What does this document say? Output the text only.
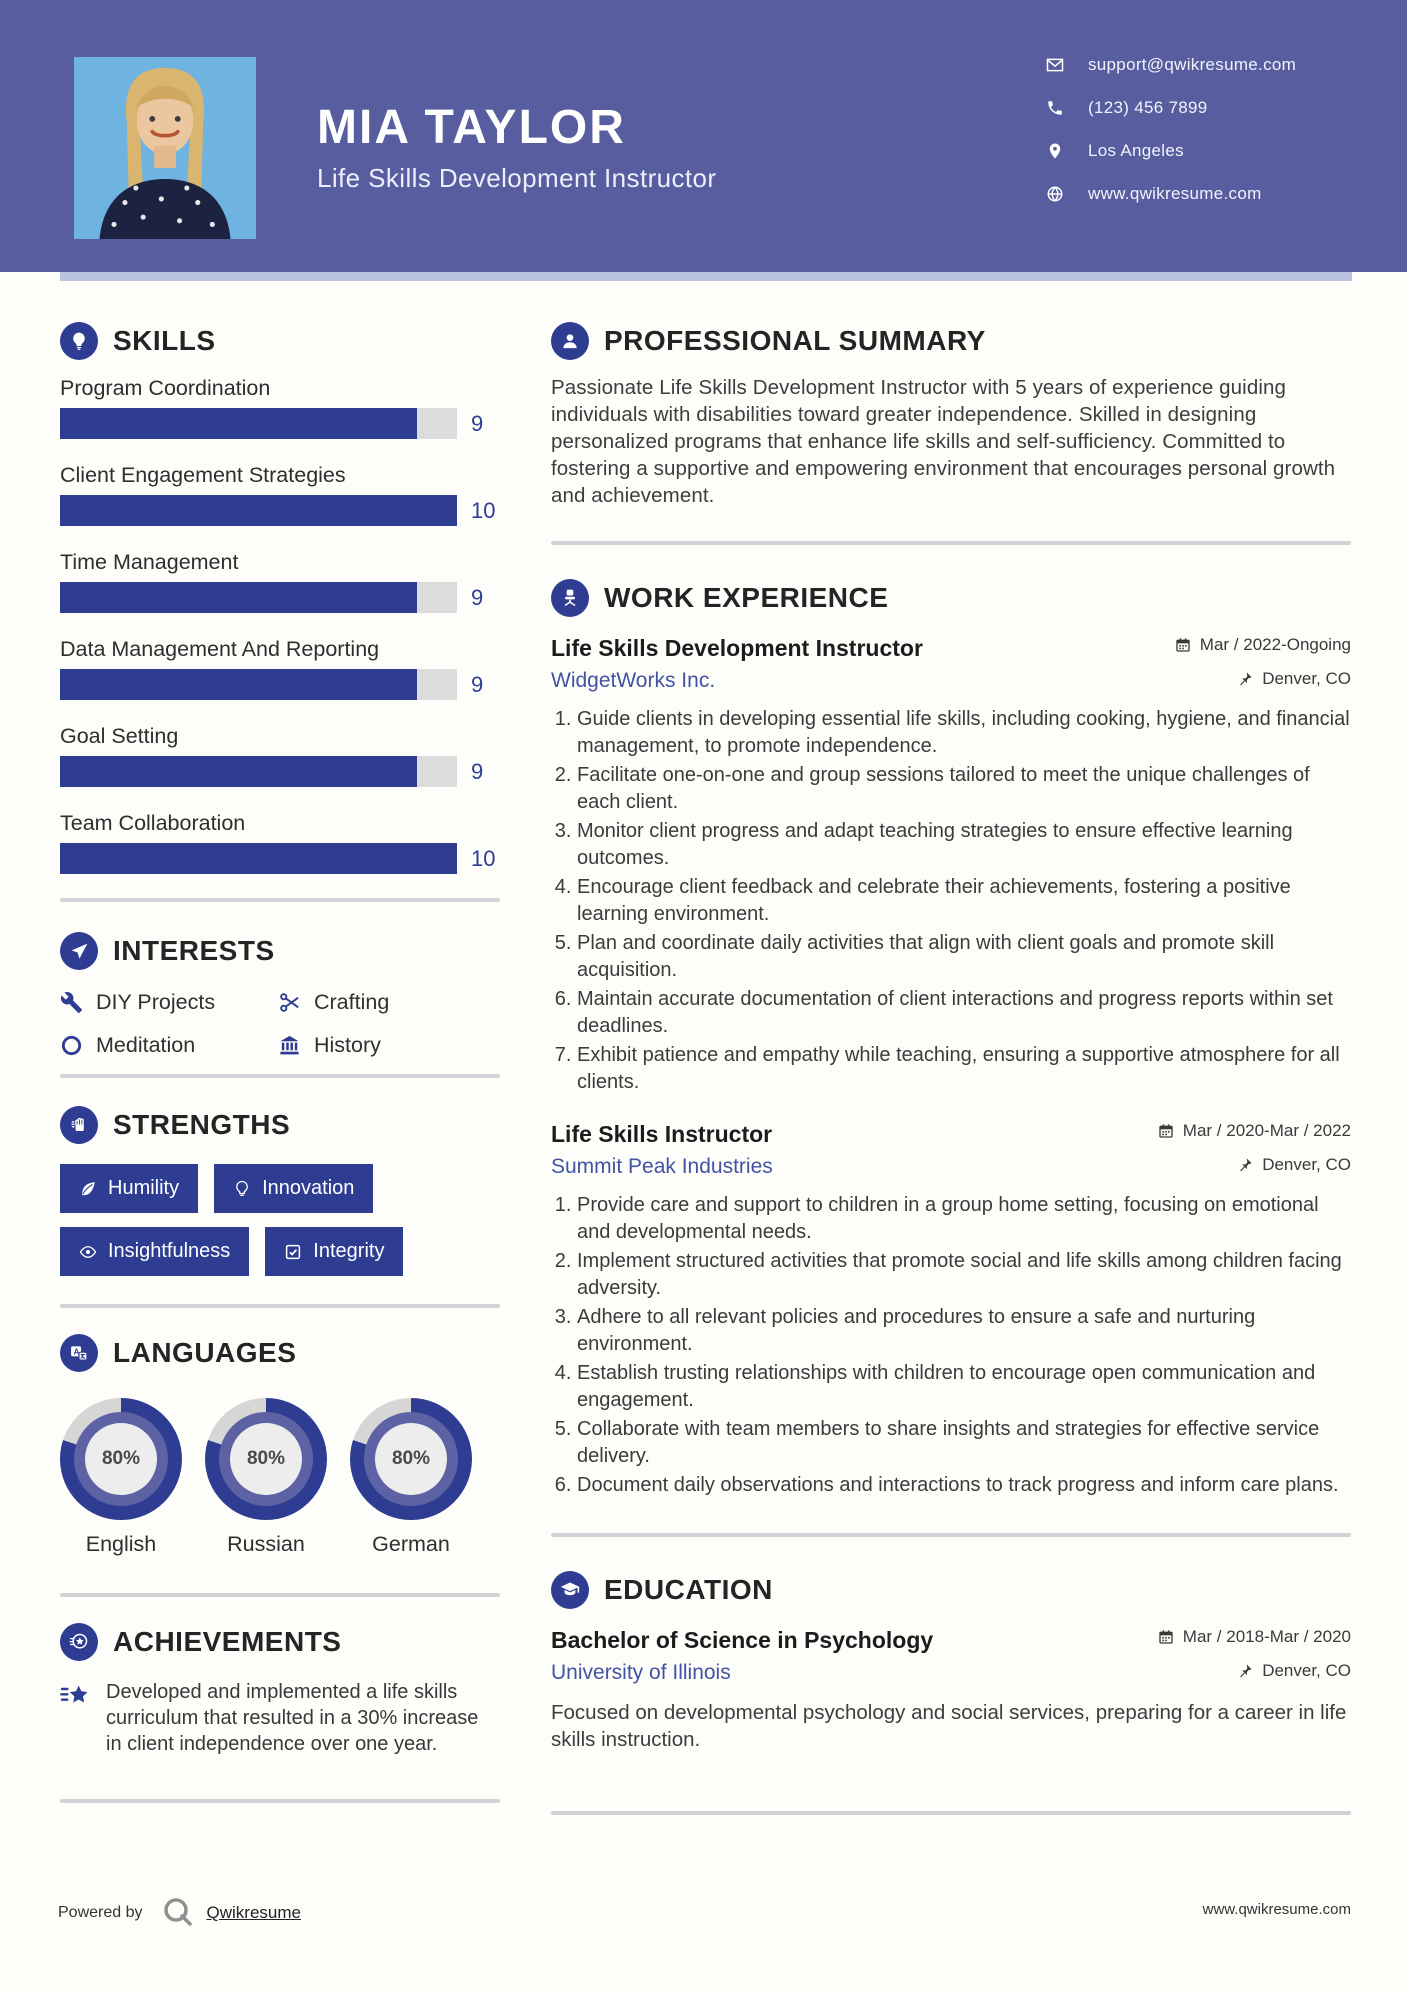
MIA TAYLOR
Life Skills Development Instructor
support@qwikresume.com
(123) 456 7899
Los Angeles
www.qwikresume.com
SKILLS
Program Coordination
9
Client Engagement Strategies
10
Time Management
9
Data Management And Reporting
9
Goal Setting
9
Team Collaboration
10
INTERESTS
DIY Projects	Crafting
Meditation	History
STRENGTHS
Humility	Innovation
Insightfulness	Integrity
A LANGUAGES
80%
English
80%
Russian
80%
German
ACHIEVEMENTS
Developed and implemented a life skills curriculum that resulted in a 30% increase in client independence over one year.
PROFESSIONAL SUMMARY
Passionate Life Skills Development Instructor with 5 years of experience guiding individuals with disabilities toward greater independence. Skilled in designing personalized programs that enhance life skills and self-sufficiency. Committed to fostering a supportive and empowering environment that encourages personal growth and achievement.
WORK EXPERIENCE
Life Skills Development Instructor	Mar / 2022-Ongoing
WidgetWorks Inc.	Denver, CO
1. Guide clients in developing essential life skills, including cooking, hygiene, and financial management, to promote independence.
2. Facilitate one-on-one and group sessions tailored to meet the unique challenges of each client.
3. Monitor client progress and adapt teaching strategies to ensure effective learning outcomes.
4. Encourage client feedback and celebrate their achievements, fostering a positive learning environment.
5. Plan and coordinate daily activities that align with client goals and promote skill acquisition.
6. Maintain accurate documentation of client interactions and progress reports within set deadlines.
7. Exhibit patience and empathy while teaching, ensuring a supportive atmosphere for all clients.
Life Skills Instructor	Mar / 2020-Mar / 2022
Summit Peak Industries	Denver, CO
1. Provide care and support to children in a group home setting, focusing on emotional and developmental needs.
2. Implement structured activities that promote social and life skills among children facing adversity.
3. Adhere to all relevant policies and procedures to ensure a safe and nurturing environment.
4. Establish trusting relationships with children to encourage open communication and engagement.
5. Collaborate with team members to share insights and strategies for effective service delivery.
6. Document daily observations and interactions to track progress and inform care plans.
EDUCATION
Bachelor of Science in Psychology	Mar / 2018-Mar / 2020
University of Illinois	Denver, CO
Focused on developmental psychology and social services, preparing for a career in life skills instruction.
Powered by	Qwikresume	www.qwikresume.com
